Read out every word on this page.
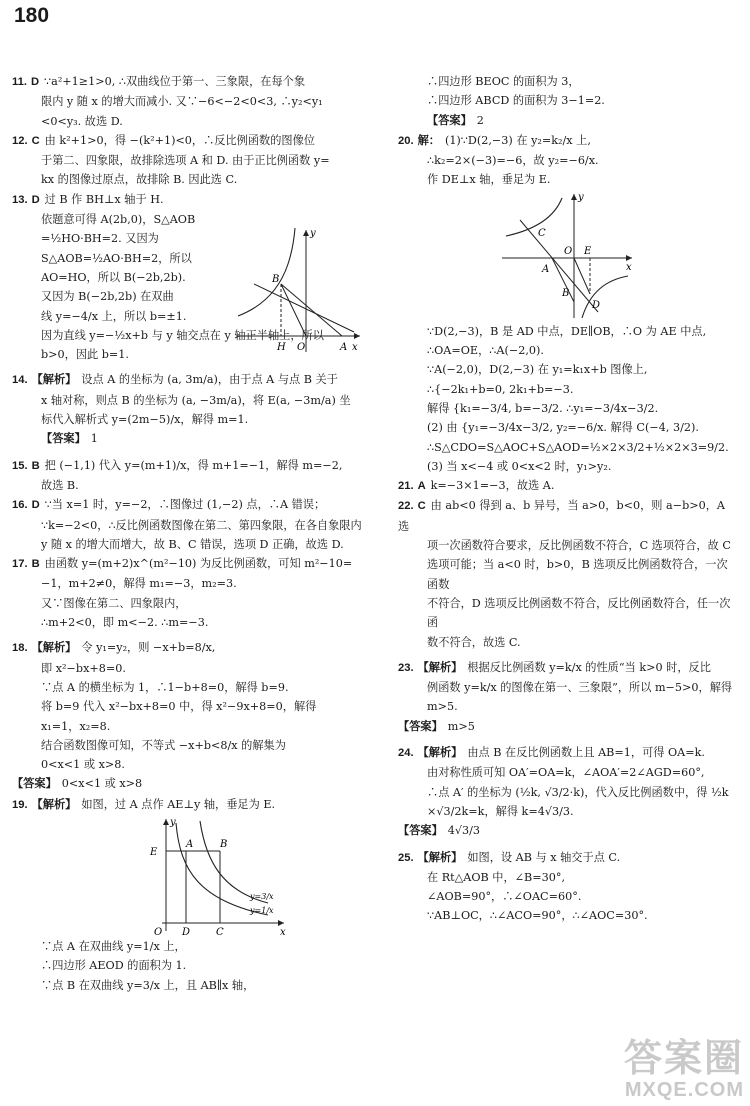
180

11. D ∵a²+1≥1>0, ∴双曲线位于第一、三象限，在每个象

限内 y 随 x 的增大而减小. 又∵−6<−2<0<3, ∴y₂<y₁

<0<y₃. 故选 D.

12. C 由 k²+1>0，得 −(k²+1)<0，∴反比例函数的图像位

于第二、四象限，故排除选项 A 和 D. 由于正比例函数 y=

kx 的图像过原点，故排除 B. 因此选 C.

13. D 过 B 作 BH⊥x 轴于 H.

依题意可得 A(2b,0)，S△AOB

=½HO·BH=2. 又因为

S△AOB=½AO·BH=2，所以

AO=HO，所以 B(−2b,2b).

又因为 B(−2b,2b) 在双曲

线 y=−4/x 上，所以 b=±1.

因为直线 y=−½x+b 与 y 轴交点在 y 轴正半轴上，所以

b>0，因此 b=1.

x
y
B
H O	A

14. 【解析】 设点 A 的坐标为 (a, 3m/a)，由于点 A 与点 B 关于

x 轴对称，则点 B 的坐标为 (a, −3m/a)，将 E(a, −3m/a) 坐

标代入解析式 y=(2m−5)/x，解得 m=1.

【答案】 1

15. B 把 (−1,1) 代入 y=(m+1)/x，得 m+1=−1，解得 m=−2,

故选 B.

16. D ∵当 x=1 时，y=−2，∴图像过 (1,−2) 点，∴A 错误；

∵k=−2<0，∴反比例函数图像在第二、第四象限，在各自象限内

y 随 x 的增大而增大，故 B、C 错误，选项 D 正确，故选 D.

17. B 由函数 y=(m+2)x^(m²−10) 为反比例函数，可知 m²−10=

−1，m+2≠0，解得 m₁=−3，m₂=3.

又∵图像在第二、四象限内，

∴m+2<0，即 m<−2. ∴m=−3.

18. 【解析】 令 y₁=y₂，则 −x+b=8/x,

即 x²−bx+8=0.

∵点 A 的横坐标为 1，∴1−b+8=0，解得 b=9.

将 b=9 代入 x²−bx+8=0 中，得 x²−9x+8=0，解得

x₁=1，x₂=8.

结合函数图像可知，不等式 −x+b<8/x 的解集为

0<x<1 或 x>8.

【答案】 0<x<1 或 x>8

19. 【解析】 如图，过 A 点作 AE⊥y 轴，垂足为 E.

E
A	B
O D	C	x
y
y=3/x
y=1/x

∵点 A 在双曲线 y=1/x 上，

∴四边形 AEOD 的面积为 1.

∵点 B 在双曲线 y=3/x 上，且 AB∥x 轴，

∴四边形 BEOC 的面积为 3，

∴四边形 ABCD 的面积为 3−1=2.

【答案】 2

20. 解： (1)∵D(2,−3) 在 y₂=k₂/x 上,

∴k₂=2×(−3)=−6，故 y₂=−6/x.

作 DE⊥x 轴，垂足为 E.

C
O E
A
B
D
x
y

∵D(2,−3)，B 是 AD 中点，DE∥OB，∴O 为 AE 中点,

∴OA=OE，∴A(−2,0).

∵A(−2,0)，D(2,−3) 在 y₁=k₁x+b 图像上,

∴{−2k₁+b=0, 2k₁+b=−3.

解得 {k₁=−3/4, b=−3/2. ∴y₁=−3/4x−3/2.

(2) 由 {y₁=−3/4x−3/2, y₂=−6/x. 解得 C(−4, 3/2).

∴S△CDO=S△AOC+S△AOD=½×2×3/2+½×2×3=9/2.

(3) 当 x<−4 或 0<x<2 时，y₁>y₂.

21. A k=−3×1=−3，故选 A.

22. C 由 ab<0 得到 a、b 异号，当 a>0，b<0，则 a−b>0，A 选

项一次函数符合要求，反比例函数不符合，C 选项符合，故 C

选项可能；当 a<0 时，b>0，B 选项反比例函数符合，一次函数

不符合，D 选项反比例函数不符合，反比例函数符合，任一次函

数不符合，故选 C.

23. 【解析】 根据反比例函数 y=k/x 的性质“当 k>0 时，反比

例函数 y=k/x 的图像在第一、三象限”，所以 m−5>0，解得

m>5.

【答案】 m>5

24. 【解析】 由点 B 在反比例函数上且 AB=1，可得 OA=k.

由对称性质可知 OA′=OA=k，∠AOA′=2∠AGD=60°,

∴点 A′ 的坐标为 (½k, √3/2·k)，代入反比例函数中，得 ½k

×√3/2k=k，解得 k=4√3/3.

【答案】 4√3/3

25. 【解析】 如图，设 AB 与 x 轴交于点 C.

在 Rt△AOB 中，∠B=30°,

∠AOB=90°，∴∠OAC=60°.

∵AB⊥OC，∴∠ACO=90°，∴∠AOC=30°.

答案圈
MXQE.COM
